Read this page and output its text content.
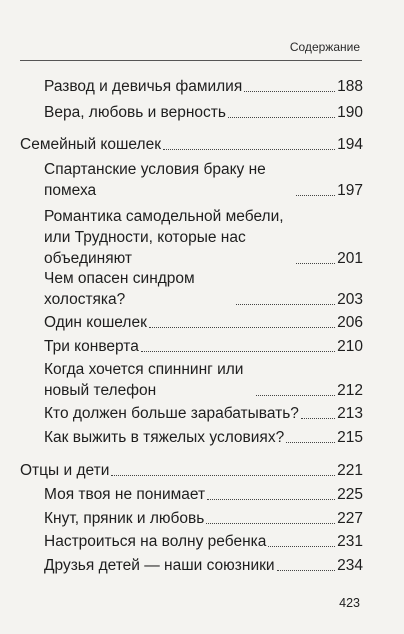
Содержание
Развод и девичья фамилия	188
Вера, любовь и верность	190
Семейный кошелек	194
Спартанские условия браку не помеха	197
Романтика самодельной мебели, или Трудности, которые нас объединяют	201
Чем опасен синдром холостяка?	203
Один кошелек	206
Три конверта	210
Когда хочется спиннинг или новый телефон	212
Кто должен больше зарабатывать? 213
Как выжить в тяжелых условиях?	215
Отцы и дети	221
Моя твоя не понимает	225
Кнут, пряник и любовь	227
Настроиться на волну ребенка	231
Друзья детей — наши союзники	234
423
